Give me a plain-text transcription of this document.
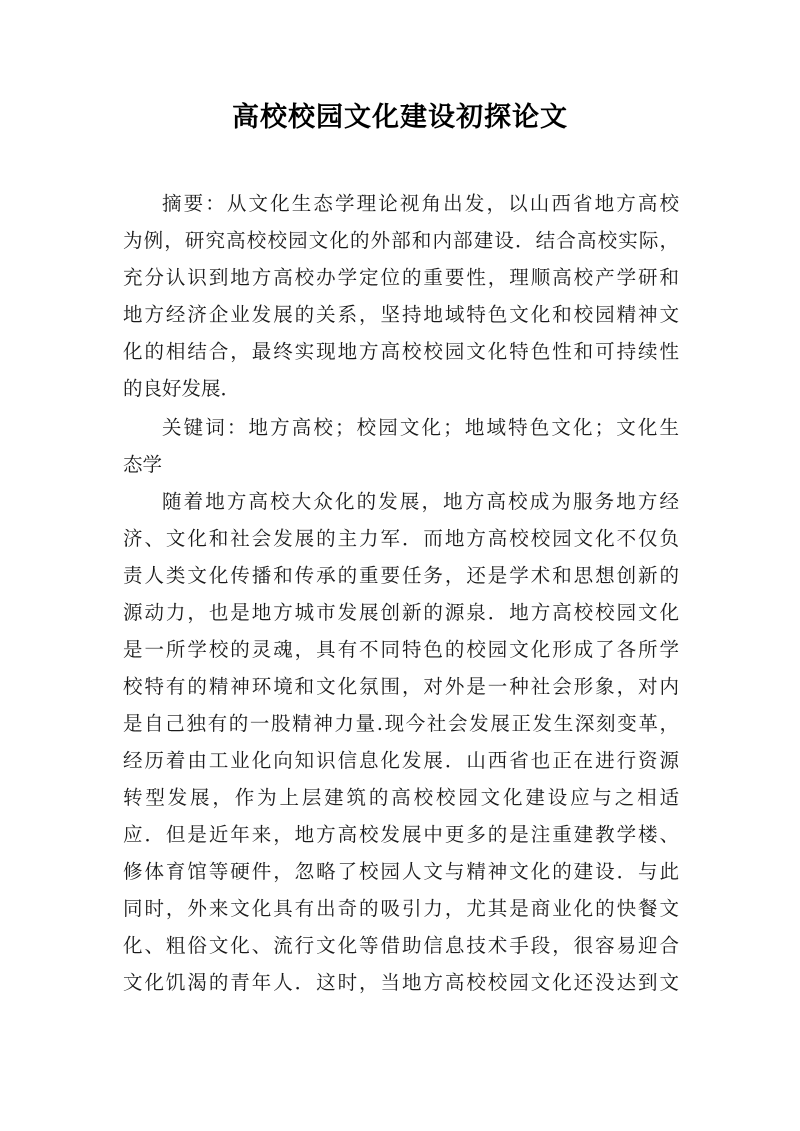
高校校园文化建设初探论文
摘要：从文化生态学理论视角出发，以山西省地方高校
为例，研究高校校园文化的外部和内部建设．结合高校实际，
充分认识到地方高校办学定位的重要性，理顺高校产学研和
地方经济企业发展的关系，坚持地域特色文化和校园精神文
化的相结合，最终实现地方高校校园文化特色性和可持续性
的良好发展．
关键词：地方高校；校园文化；地域特色文化；文化生
态学
随着地方高校大众化的发展，地方高校成为服务地方经
济、文化和社会发展的主力军．而地方高校校园文化不仅负
责人类文化传播和传承的重要任务，还是学术和思想创新的
源动力，也是地方城市发展创新的源泉．地方高校校园文化
是一所学校的灵魂，具有不同特色的校园文化形成了各所学
校特有的精神环境和文化氛围，对外是一种社会形象，对内
是自己独有的一股精神力量.现今社会发展正发生深刻变革，
经历着由工业化向知识信息化发展．山西省也正在进行资源
转型发展，作为上层建筑的高校校园文化建设应与之相适
应．但是近年来，地方高校发展中更多的是注重建教学楼、
修体育馆等硬件，忽略了校园人文与精神文化的建设．与此
同时，外来文化具有出奇的吸引力，尤其是商业化的快餐文
化、粗俗文化、流行文化等借助信息技术手段，很容易迎合
文化饥渴的青年人．这时，当地方高校校园文化还没达到文
